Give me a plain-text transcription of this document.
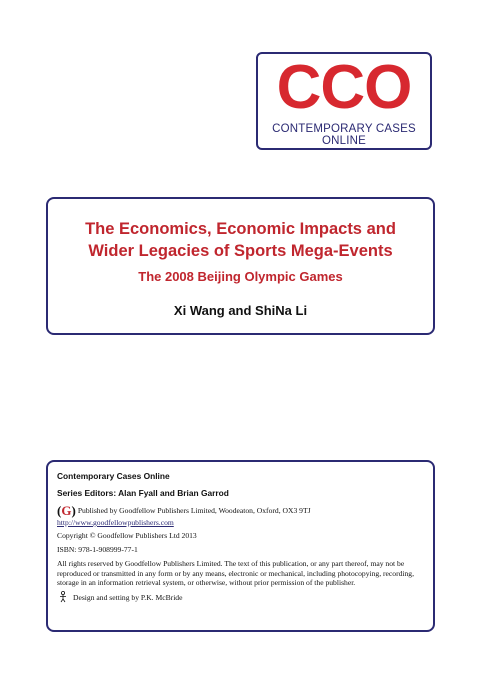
CCO
CONTEMPORARY CASES ONLINE
The Economics, Economic Impacts and
Wider Legacies of Sports Mega-Events
The 2008 Beijing Olympic Games
Xi Wang and ShiNa Li
Contemporary Cases Online
Series Editors: Alan Fyall and Brian Garrod
(G) Published by Goodfellow Publishers Limited, Woodeaton, Oxford, OX3 9TJ
http://www.goodfellowpublishers.com
Copyright © Goodfellow Publishers Ltd 2013
ISBN: 978-1-908999-77-1
All rights reserved by Goodfellow Publishers Limited. The text of this publication, or any part thereof, may not be reproduced or transmitted in any form or by any means, electronic or mechanical, including photocopying, recording, storage in an information retrieval system, or otherwise, without prior permission of the publisher.
Design and setting by P.K. McBride
